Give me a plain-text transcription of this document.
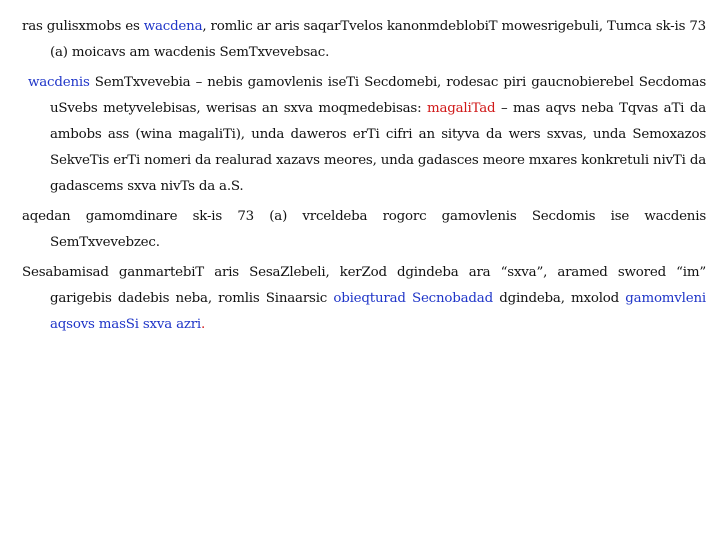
ras gulisxmobs es wacdena, romlic ar aris saqarTvelos kanonmdeblobiT mowesrigebuli, Tumca sk-is 73 (a) moicavs am wacdenis SemTxvevebsac.

wacdenis SemTxvevebia – nebis gamovlenis iseTi Secdomebi, rodesac piri gaucnobierebel Secdomas uSvebs metyvelebisas, werisas an sxva moqmedebisas: magaliTad – mas aqvs neba Tqvas aTi da ambobs ass (wina magaliTi), unda daweros erTi cifri an sityva da wers sxvas, unda Semoxazos SekveTis erTi nomeri da realurad xazavs meores, unda gadasces meore mxares konkretuli nivTi da gadascems sxva nivTs da a.S.

aqedan gamomdinare sk-is 73 (a) vrceldeba rogorc gamovlenis Secdomis ise wacdenis SemTxvevebzec.

Sesabamisad ganmartebiT aris SesaZlebeli, kerZod dgindeba ara “sxva”, aramed swored “im” garigebis dadebis neba, romlis Sinaarsic obieqturad Secnobadad dgindeba, mxolod gamomvleni aqsovs masSi sxva azri.
